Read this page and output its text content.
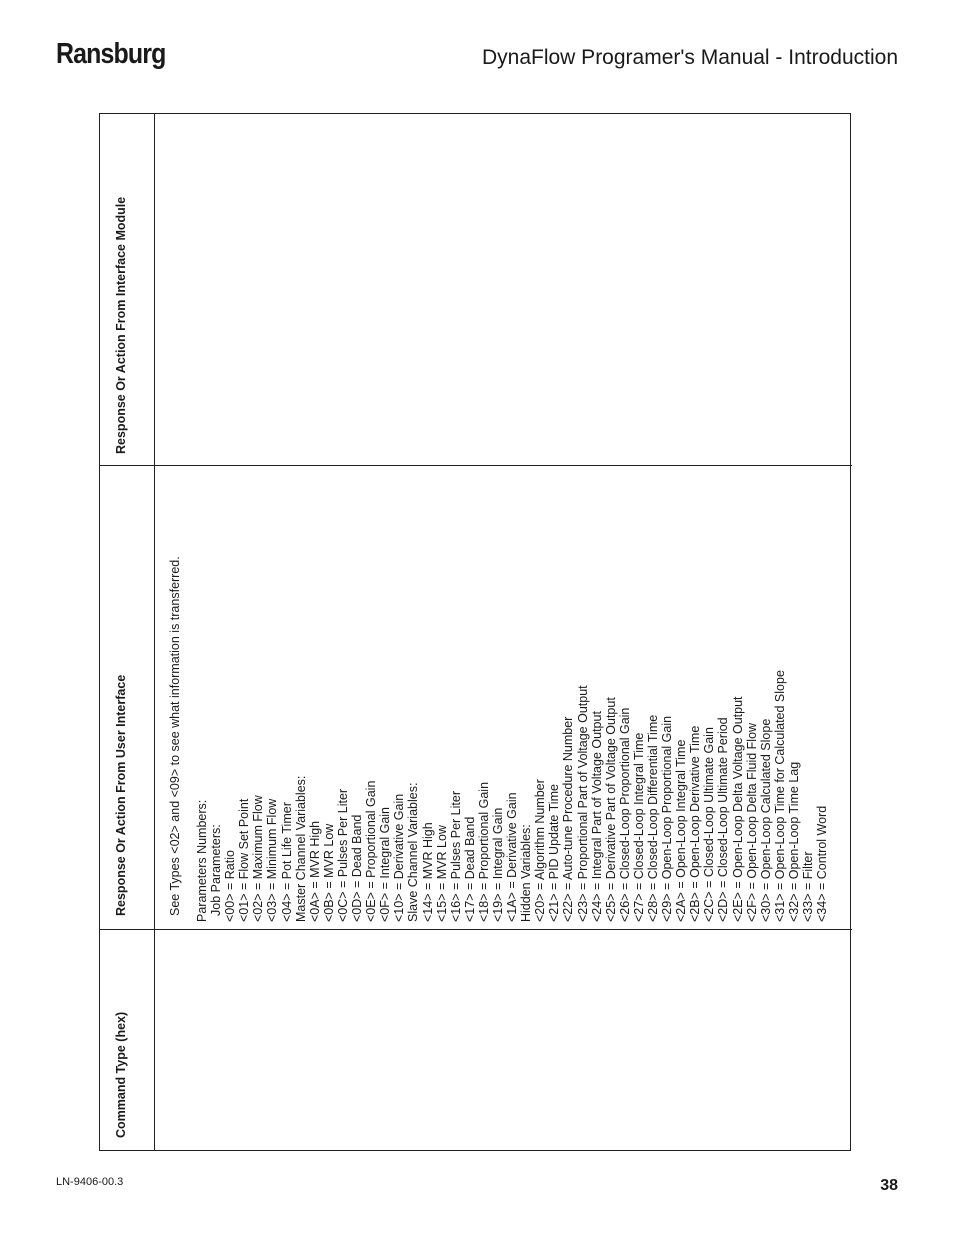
Ransburg	DynaFlow Programer's Manual - Introduction
Response Or Action From Interface Module
Response Or Action From User Interface
Command Type (hex)
See Types <02> and <09> to see what information is transferred. Parameters Numbers: Job Parameters: <00> = Ratio <01> = Flow Set Point <02> = Maximum Flow <03> = Minimum Flow <04> = Pot Life Timer Master Channel Variables: <0A> = MVR High <0B> = MVR Low <0C> = Pulses Per Liter <0D> = Dead Band <0E> = Proportional Gain <0F> = Integral Gain <10> = Derivative Gain Slave Channel Variables: <14> = MVR High <15> = MVR Low <16> = Pulses Per Liter <17> = Dead Band <18> = Proportional Gain <19> = Integral Gain <1A> = Derivative Gain Hidden Variables: <20> = Algorithm Number <21> = PID Update Time <22> = Auto-tune Procedure Number <23> = Proportional Part of Voltage Output <24> = Integral Part of Voltage Output <25> = Derivative Part of Voltage Output <26> = Closed-Loop Proportional Gain <27> = Closed-Loop Integral Time <28> = Closed-Loop Differential Time <29> = Open-Loop Proportional Gain <2A> = Open-Loop Integral Time <2B> = Open-Loop Derivative Time <2C> = Closed-Loop Ultimate Gain <2D> = Closed-Loop Ultimate Period <2E> = Open-Loop Delta Voltage Output <2F> = Open-Loop Delta Fluid Flow <30> = Open-Loop Calculated Slope <31> = Open-Loop Time for Calculated Slope <32> = Open-Loop Time Lag <33> = Filter <34> = Control Word
LN-9406-00.3	38
